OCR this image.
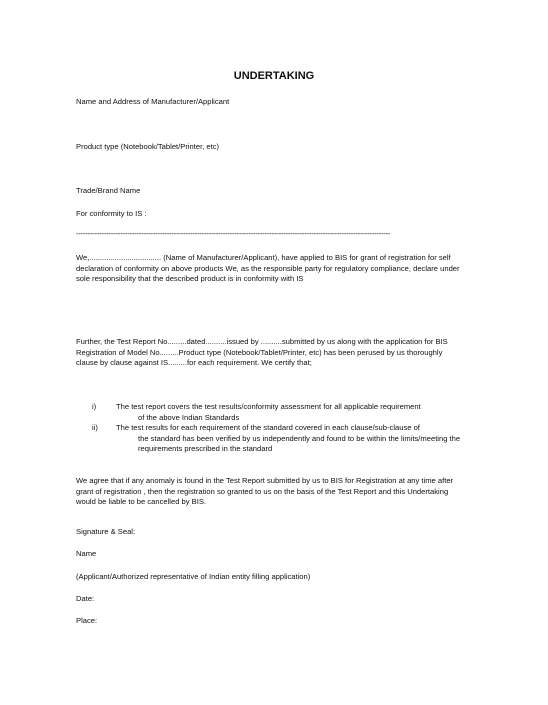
UNDERTAKING

Name and Address of Manufacturer/Applicant

Product type (Notebook/Tablet/Printer, etc)

Trade/Brand Name

For conformity to IS :

---------------------------------------------------------------------------------------------------------------------------------------

We,.................................. (Name of Manufacturer/Applicant), have applied to BIS for grant of registration for self declaration of conformity on above products We, as the responsible party for regulatory compliance, declare under sole responsibility that the described product is in conformity with IS

Further, the Test Report No.........dated..........issued by ..........submitted by us along with the application for BIS Registration of Model No.........Product type (Notebook/Tablet/Printer, etc) has been perused by us thoroughly clause by clause against IS.........for each requirement. We certify that;

i)	The test report covers the test results/conformity assessment for all applicable requirement
of the above Indian Standards
ii) The test results for each requirement of the standard covered in each clause/sub-clause of
the standard has been verified by us independently and found to be within the limits/meeting the requirements prescribed in the standard

We agree that if any anomaly is found in the Test Report submitted by us to BIS for Registration at any time after grant of registration , then the registration so granted to us on the basis of the Test Report and this Undertaking would be liable to be cancelled by BIS.

Signature & Seal:

Name

(Applicant/Authorized representative of Indian entity filling application)

Date:

Place:
